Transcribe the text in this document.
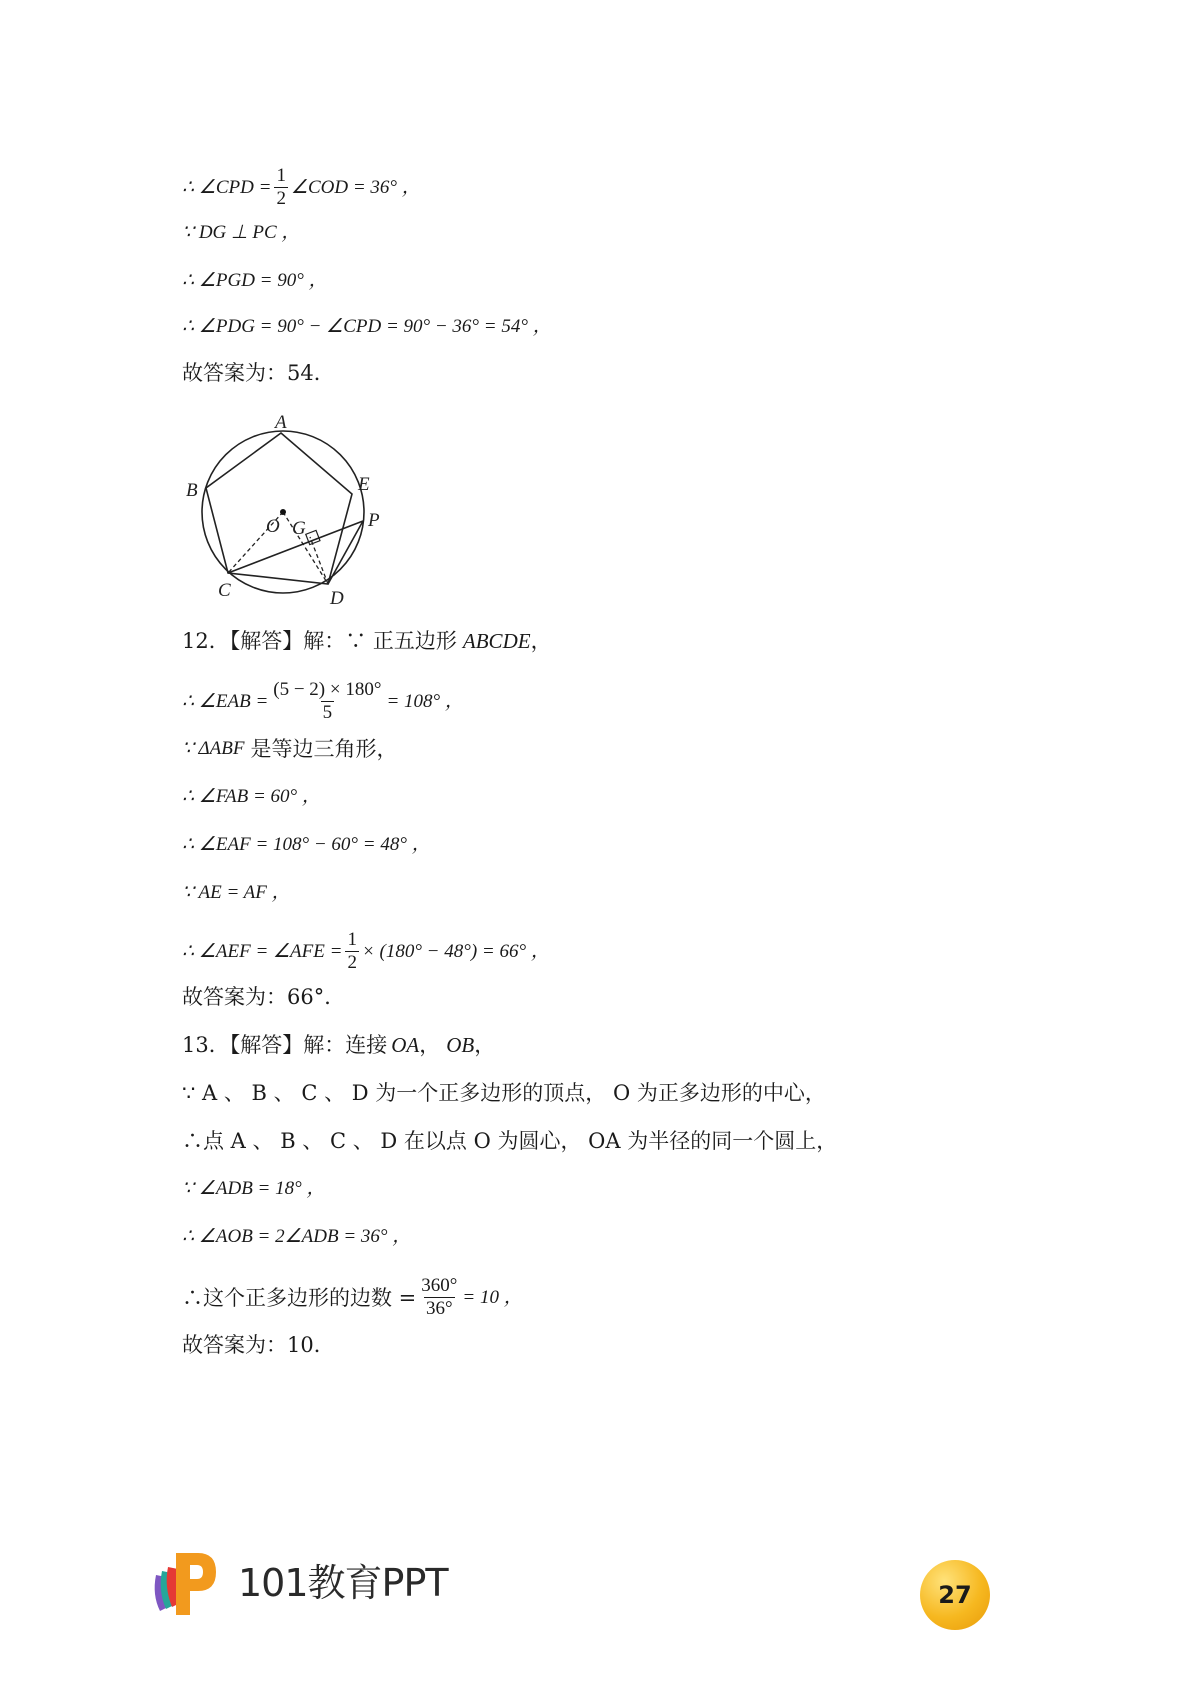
∴ ∠CPD = $\frac{1}{2}$ ∠COD = 36° ，
∵ DG ⊥ PC ，
∴ ∠PGD = 90° ，
∴ ∠PDG = 90° − ∠CPD = 90° − 36° = 54° ，
故答案为：54．
A
B
C	D
E
P
O G
12．【解答】解：∵ 正五边形 ABCDE ，
∴ ∠EAB = $\frac{(5 - 2) \times 180^\circ}{5} = 108^\circ$ ，
∵ ΔABF 是等边三角形，
∴ ∠FAB = 60° ，
∴ ∠EAF = 108° − 60° = 48° ，
∵ AE = AF ，
∴ ∠AEF = ∠AFE = $\frac{1}{2} \times (180^\circ - 48^\circ) = 66^\circ$ ，
故答案为：66°．
13．【解答】解：连接 OA ， OB ，
∵ A 、 B 、 C 、 D 为一个正多边形的顶点， O 为正多边形的中心，
∴点 A 、 B 、 C 、 D 在以点 O 为圆心， OA 为半径的同一个圆上，
∵ ∠ADB = 18° ，
∴ ∠AOB = 2∠ADB = 36° ，
∴这个正多边形的边数 = $\frac{360^\circ}{36^\circ} = 10$ ，
故答案为：10．
101教育PPT	27
